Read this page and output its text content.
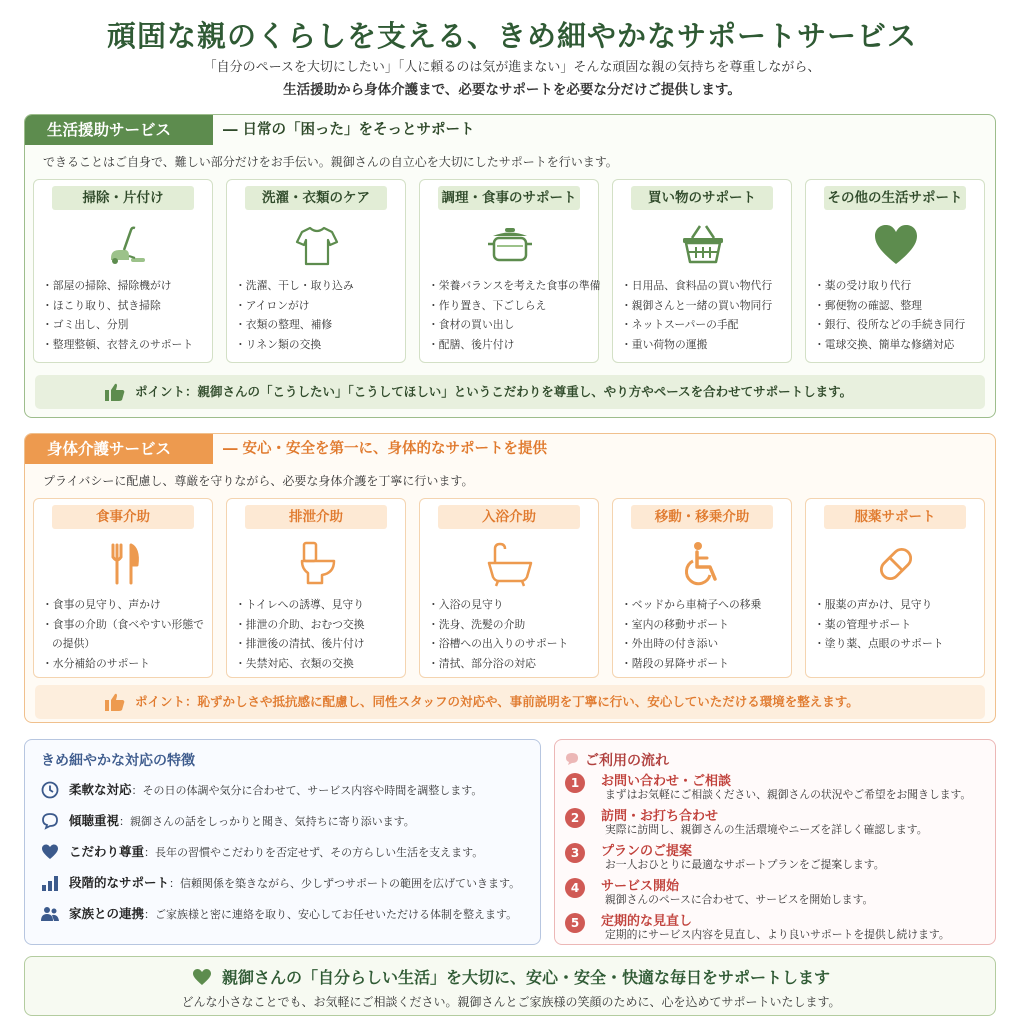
頑固な親のくらしを支える、きめ細やかなサポートサービス
「自分のペースを大切にしたい」「人に頼るのは気が進まない」そんな頑固な親の気持ちを尊重しながら、
生活援助から身体介護まで、必要なサポートを必要な分だけご提供します。
生活援助サービス	― 日常の「困った」をそっとサポート
できることはご自身で、難しい部分だけをお手伝い。親御さんの自立心を大切にしたサポートを行います。
掃除・片付け
・部屋の掃除、掃除機がけ
・ほこり取り、拭き掃除
・ゴミ出し、分別
・整理整頓、衣替えのサポート
洗濯・衣類のケア
・洗濯、干し・取り込み
・アイロンがけ
・衣類の整理、補修
・リネン類の交換
調理・食事のサポート
・栄養バランスを考えた食事の準備
・作り置き、下ごしらえ
・食材の買い出し
・配膳、後片付け
買い物のサポート
・日用品、食料品の買い物代行
・親御さんと一緒の買い物同行
・ネットスーパーの手配
・重い荷物の運搬
その他の生活サポート
・薬の受け取り代行
・郵便物の確認、整理
・銀行、役所などの手続き同行
・電球交換、簡単な修繕対応
ポイント：親御さんの「こうしたい」「こうしてほしい」というこだわりを尊重し、やり方やペースを合わせてサポートします。
身体介護サービス	― 安心・安全を第一に、身体的なサポートを提供
プライバシーに配慮し、尊厳を守りながら、必要な身体介護を丁寧に行います。
食事介助
・食事の見守り、声かけ
・食事の介助（食べやすい形態での提供）
・水分補給のサポート
排泄介助
・トイレへの誘導、見守り
・排泄の介助、おむつ交換
・排泄後の清拭、後片付け
・失禁対応、衣類の交換
入浴介助
・入浴の見守り
・洗身、洗髪の介助
・浴槽への出入りのサポート
・清拭、部分浴の対応
移動・移乗介助
・ベッドから車椅子への移乗
・室内の移動サポート
・外出時の付き添い
・階段の昇降サポート
服薬サポート
・服薬の声かけ、見守り
・薬の管理サポート
・塗り薬、点眼のサポート
ポイント：恥ずかしさや抵抗感に配慮し、同性スタッフの対応や、事前説明を丁寧に行い、安心していただける環境を整えます。
きめ細やかな対応の特徴
柔軟な対応：その日の体調や気分に合わせて、サービス内容や時間を調整します。
傾聴重視：親御さんの話をしっかりと聞き、気持ちに寄り添います。
こだわり尊重：長年の習慣やこだわりを否定せず、その方らしい生活を支えます。
段階的なサポート：信頼関係を築きながら、少しずつサポートの範囲を広げていきます。
家族との連携：ご家族様と密に連絡を取り、安心してお任せいただける体制を整えます。
ご利用の流れ
1	お問い合わせ・ご相談
まずはお気軽にご相談ください、親御さんの状況やご希望をお聞きします。
2	訪問・お打ち合わせ
実際に訪問し、親御さんの生活環境やニーズを詳しく確認します。
3	プランのご提案
お一人おひとりに最適なサポートプランをご提案します。
4	サービス開始
親御さんのペースに合わせて、サービスを開始します。
5	定期的な見直し
定期的にサービス内容を見直し、より良いサポートを提供し続けます。
親御さんの「自分らしい生活」を大切に、安心・安全・快適な毎日をサポートします
どんな小さなことでも、お気軽にご相談ください。親御さんとご家族様の笑顔のために、心を込めてサポートいたします。
